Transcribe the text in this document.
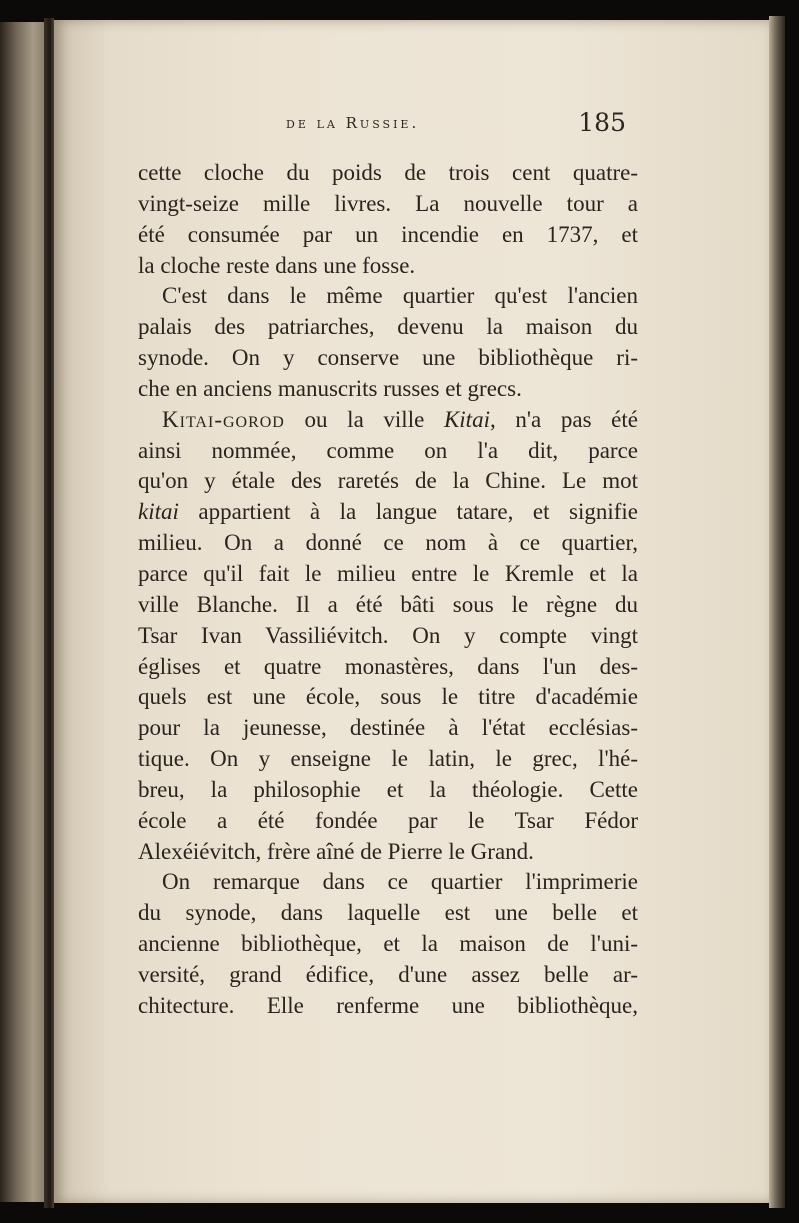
de la Russie.	185

cette cloche du poids de trois cent quatre-
vingt-seize mille livres. La nouvelle tour a
été consumée par un incendie en 1737, et
la cloche reste dans une fosse.

C'est dans le même quartier qu'est l'ancien
palais des patriarches, devenu la maison du
synode. On y conserve une bibliothèque ri-
che en anciens manuscrits russes et grecs.

Kitai-gorod ou la ville Kitai, n'a pas été
ainsi nommée, comme on l'a dit, parce
qu'on y étale des raretés de la Chine. Le mot
kitai appartient à la langue tatare, et signifie
milieu. On a donné ce nom à ce quartier,
parce qu'il fait le milieu entre le Kremle et la
ville Blanche. Il a été bâti sous le règne du
Tsar Ivan Vassiliévitch. On y compte vingt
églises et quatre monastères, dans l'un des-
quels est une école, sous le titre d'académie
pour la jeunesse, destinée à l'état ecclésias-
tique. On y enseigne le latin, le grec, l'hé-
breu, la philosophie et la théologie. Cette
école a été fondée par le Tsar Fédor
Alexéiévitch, frère aîné de Pierre le Grand.

On remarque dans ce quartier l'imprimerie
du synode, dans laquelle est une belle et
ancienne bibliothèque, et la maison de l'uni-
versité, grand édifice, d'une assez belle ar-
chitecture. Elle renferme une bibliothèque,
